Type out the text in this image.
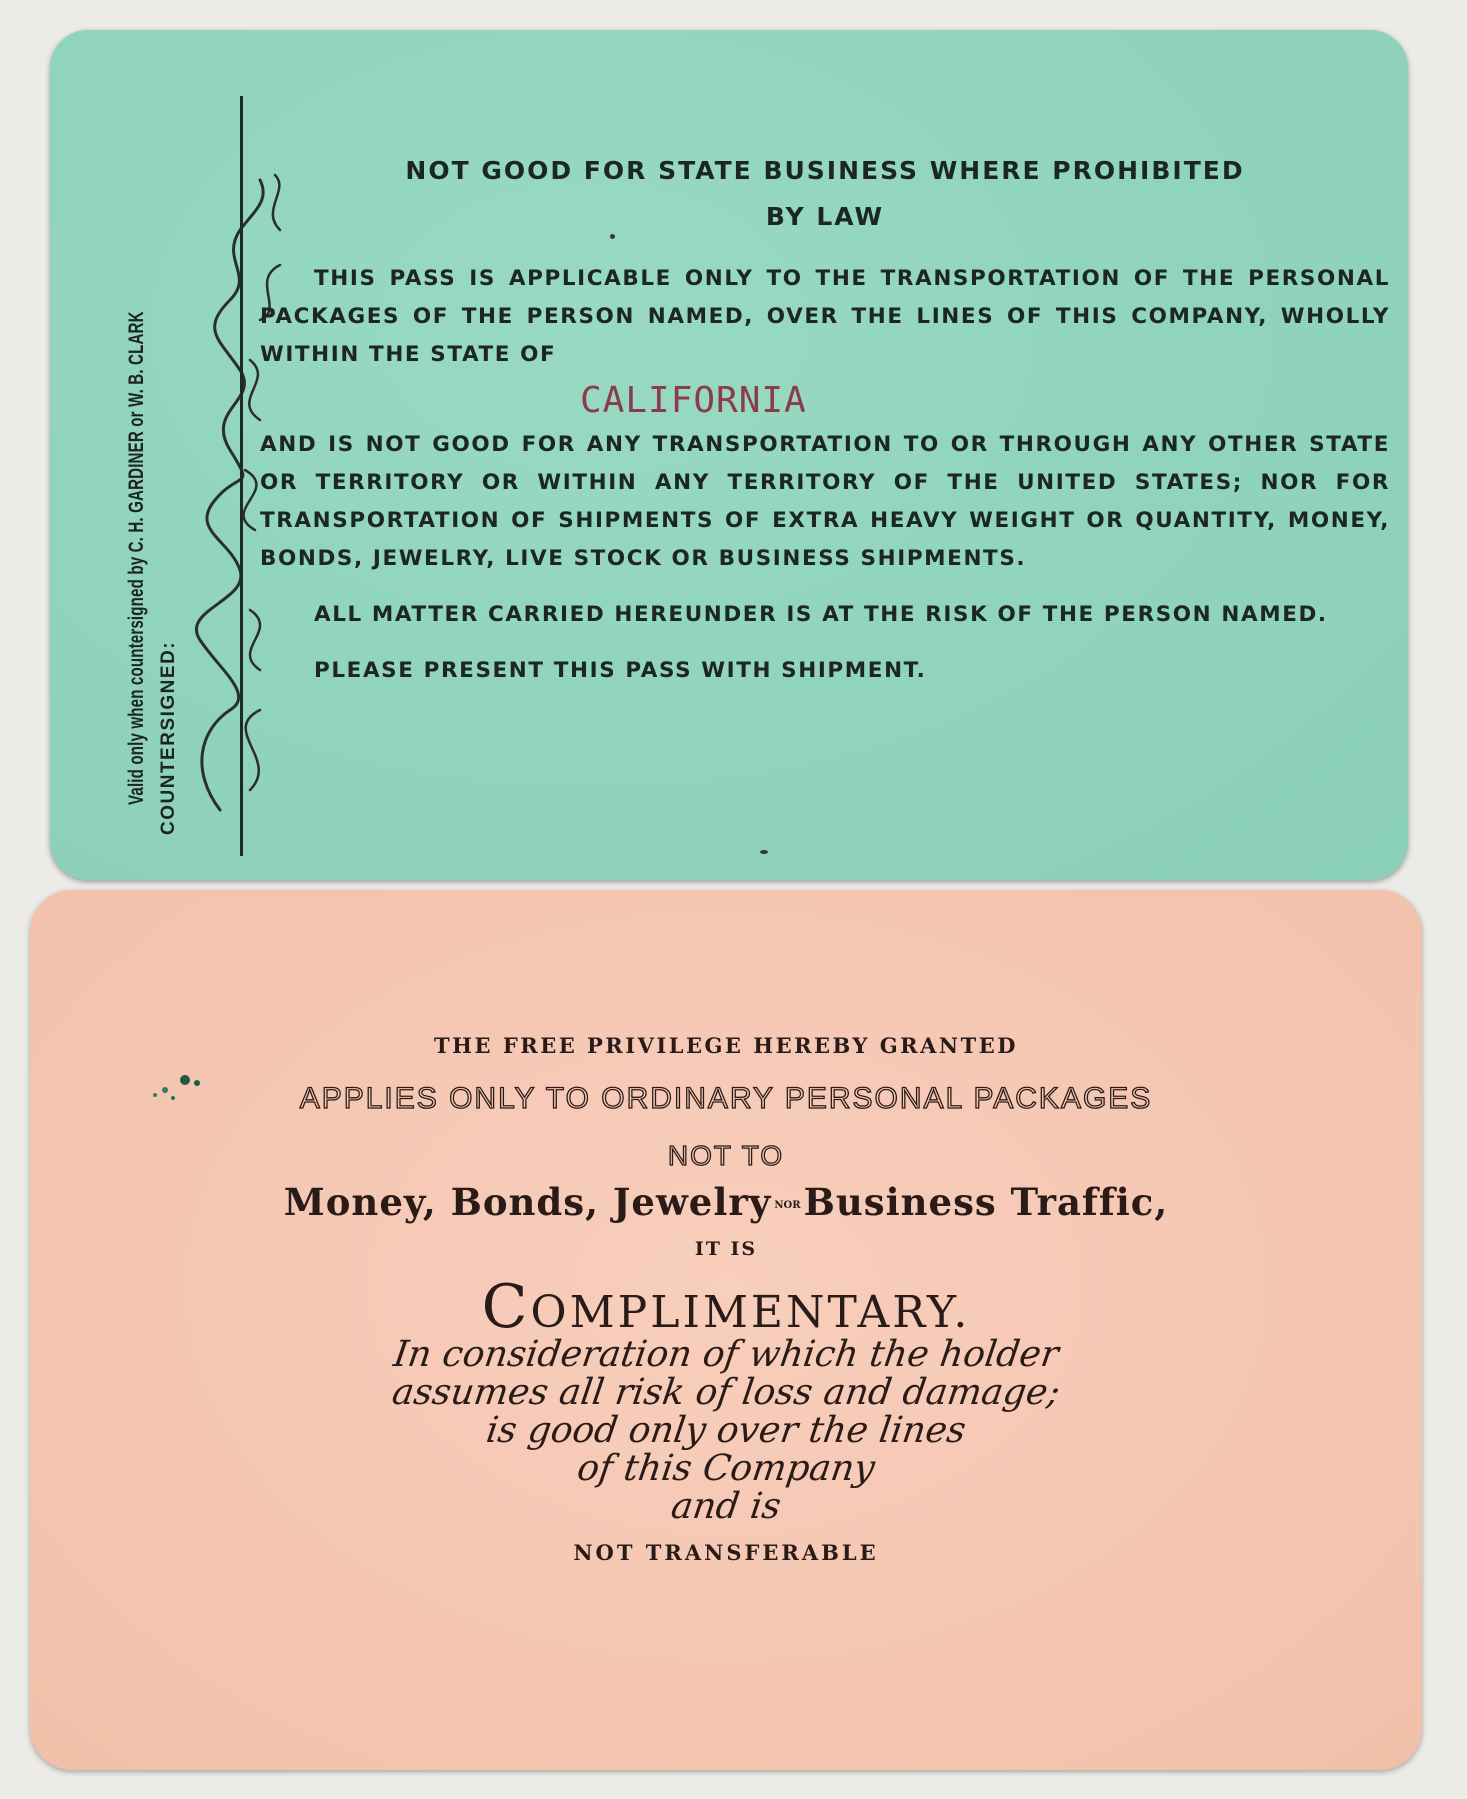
Valid only when countersigned by C. H. GARDINER or W. B. CLARK COUNTERSIGNED:

NOT GOOD FOR STATE BUSINESS WHERE PROHIBITED

BY LAW

THIS PASS IS APPLICABLE ONLY TO THE TRANSPORTATION OF THE PERSONAL PACKAGES OF THE PERSON NAMED, OVER THE LINES OF THIS COMPANY, WHOLLY WITHIN THE STATE OF

CALIFORNIA

AND IS NOT GOOD FOR ANY TRANSPORTATION TO OR THROUGH ANY OTHER STATE OR TERRITORY OR WITHIN ANY TERRITORY OF THE UNITED STATES; NOR FOR TRANSPORTATION OF SHIPMENTS OF EXTRA HEAVY WEIGHT OR QUANTITY, MONEY, BONDS, JEWELRY, LIVE STOCK OR BUSINESS SHIPMENTS.

ALL MATTER CARRIED HEREUNDER IS AT THE RISK OF THE PERSON NAMED.

PLEASE PRESENT THIS PASS WITH SHIPMENT.

THE FREE PRIVILEGE HEREBY GRANTED

APPLIES ONLY TO ORDINARY PERSONAL PACKAGES

NOT TO

Money, Bonds, Jewelry NORBusiness Traffic,

IT IS

COMPLIMENTARY.

In consideration of which the holder
assumes all risk of loss and damage;
is good only over the lines
of this Company
and is

NOT TRANSFERABLE
